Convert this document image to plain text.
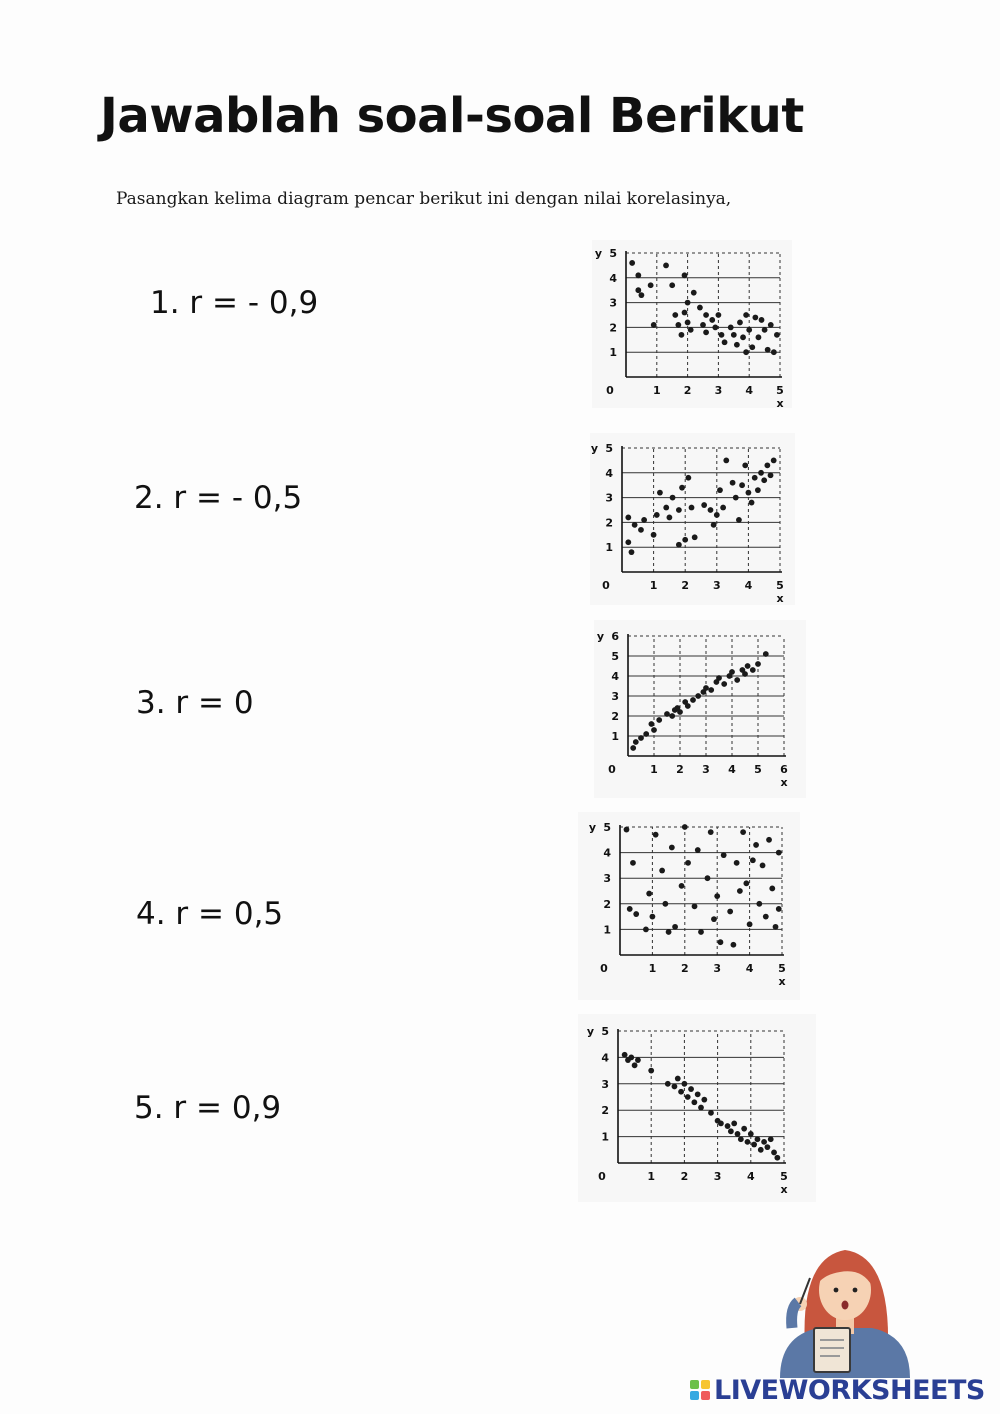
Jawablah soal-soal Berikut

Pasangkan kelima diagram pencar berikut ini dengan nilai korelasinya,

1. r = - 0,9
2. r = - 0,5
3. r = 0
4. r = 0,5
5. r = 0,9
0	1 2 3 4 5
1
2
3
4
5
y
x
0	1 2 3 4 5
1
2
3
4
5
y
x
0	1 2 3 4 5 6
1
2
3
4
5
6
y
x
0	1 2 3 4 5
1
2
3
4
5
y
x
0	1 2 3 4 5
1
2
3
4
5
y
x
LIVEWORKSHEETS
